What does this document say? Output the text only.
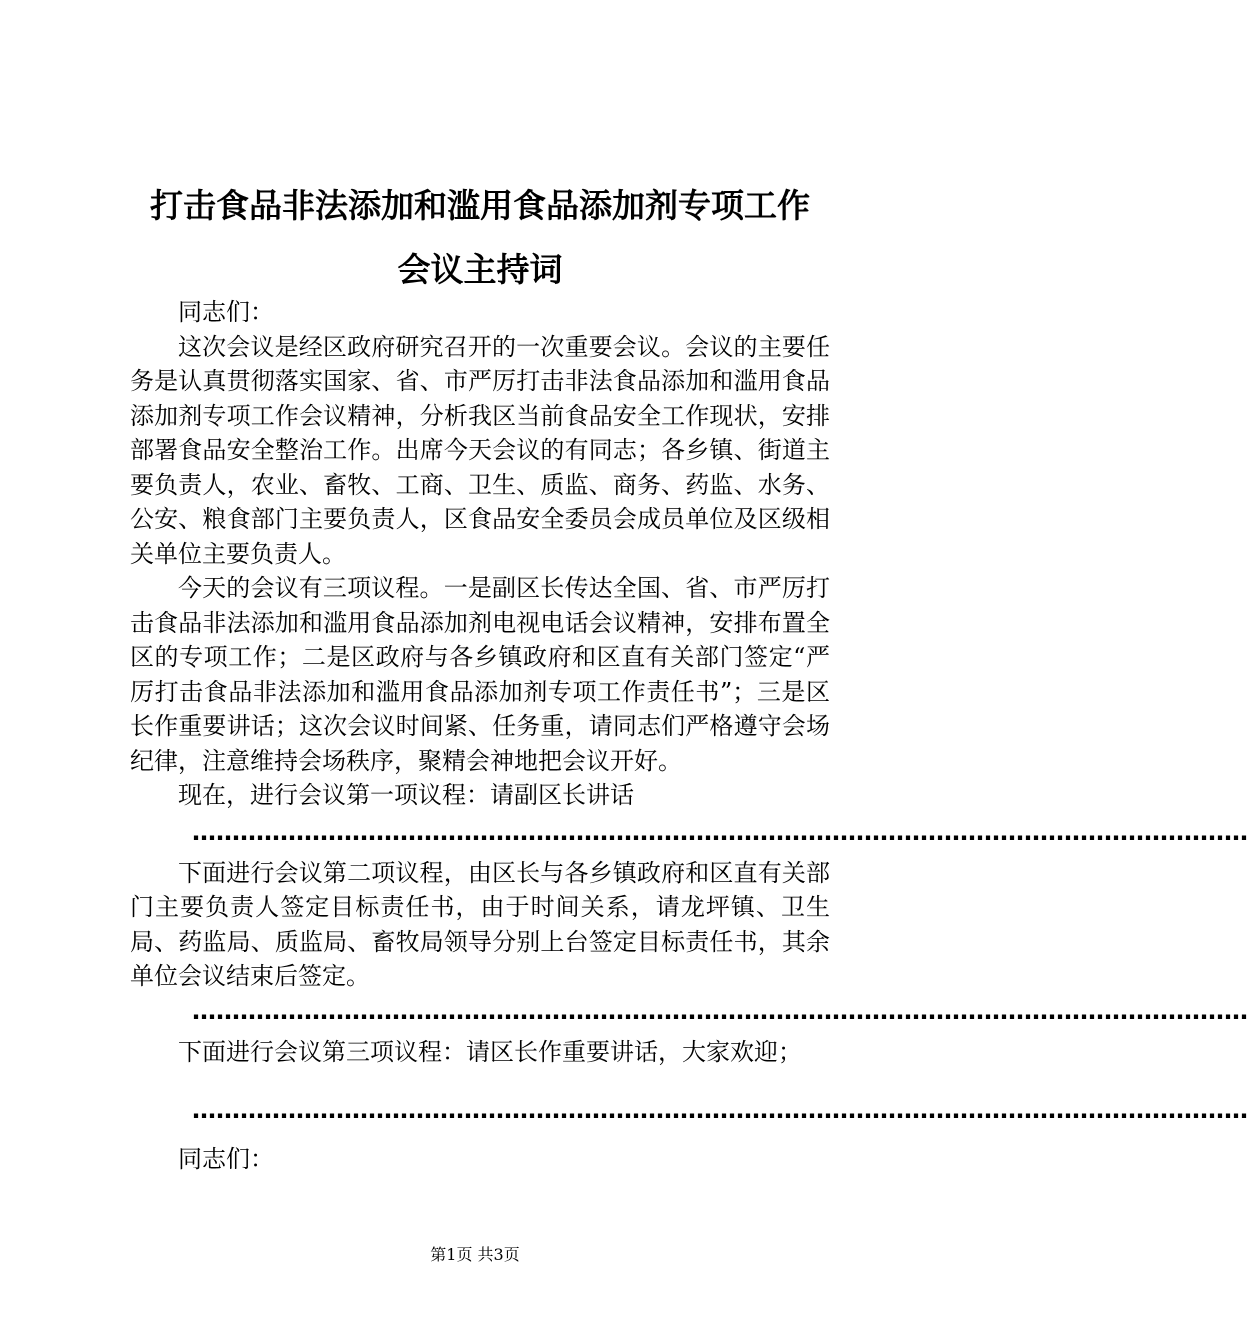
打击食品非法添加和滥用食品添加剂专项工作
会议主持词

同志们：

这次会议是经区政府研究召开的一次重要会议。会议的主要任务是认真贯彻落实国家、省、市严厉打击非法食品添加和滥用食品添加剂专项工作会议精神，分析我区当前食品安全工作现状，安排部署食品安全整治工作。出席今天会议的有同志；各乡镇、街道主要负责人，农业、畜牧、工商、卫生、质监、商务、药监、水务、公安、粮食部门主要负责人，区食品安全委员会成员单位及区级相关单位主要负责人。

今天的会议有三项议程。一是副区长传达全国、省、市严厉打击食品非法添加和滥用食品添加剂电视电话会议精神，安排布置全区的专项工作；二是区政府与各乡镇政府和区直有关部门签定“严厉打击食品非法添加和滥用食品添加剂专项工作责任书”；三是区长作重要讲话；这次会议时间紧、任务重，请同志们严格遵守会场纪律，注意维持会场秩序，聚精会神地把会议开好。

现在，进行会议第一项议程：请副区长讲话

……………………………………………………………………………………………………………………

下面进行会议第二项议程，由区长与各乡镇政府和区直有关部门主要负责人签定目标责任书，由于时间关系，请龙坪镇、卫生局、药监局、质监局、畜牧局领导分别上台签定目标责任书，其余单位会议结束后签定。

……………………………………………………………………………………………………………………

下面进行会议第三项议程：请区长作重要讲话，大家欢迎；

……………………………………………………………………………………………………………………

同志们：

第1页 共3页
